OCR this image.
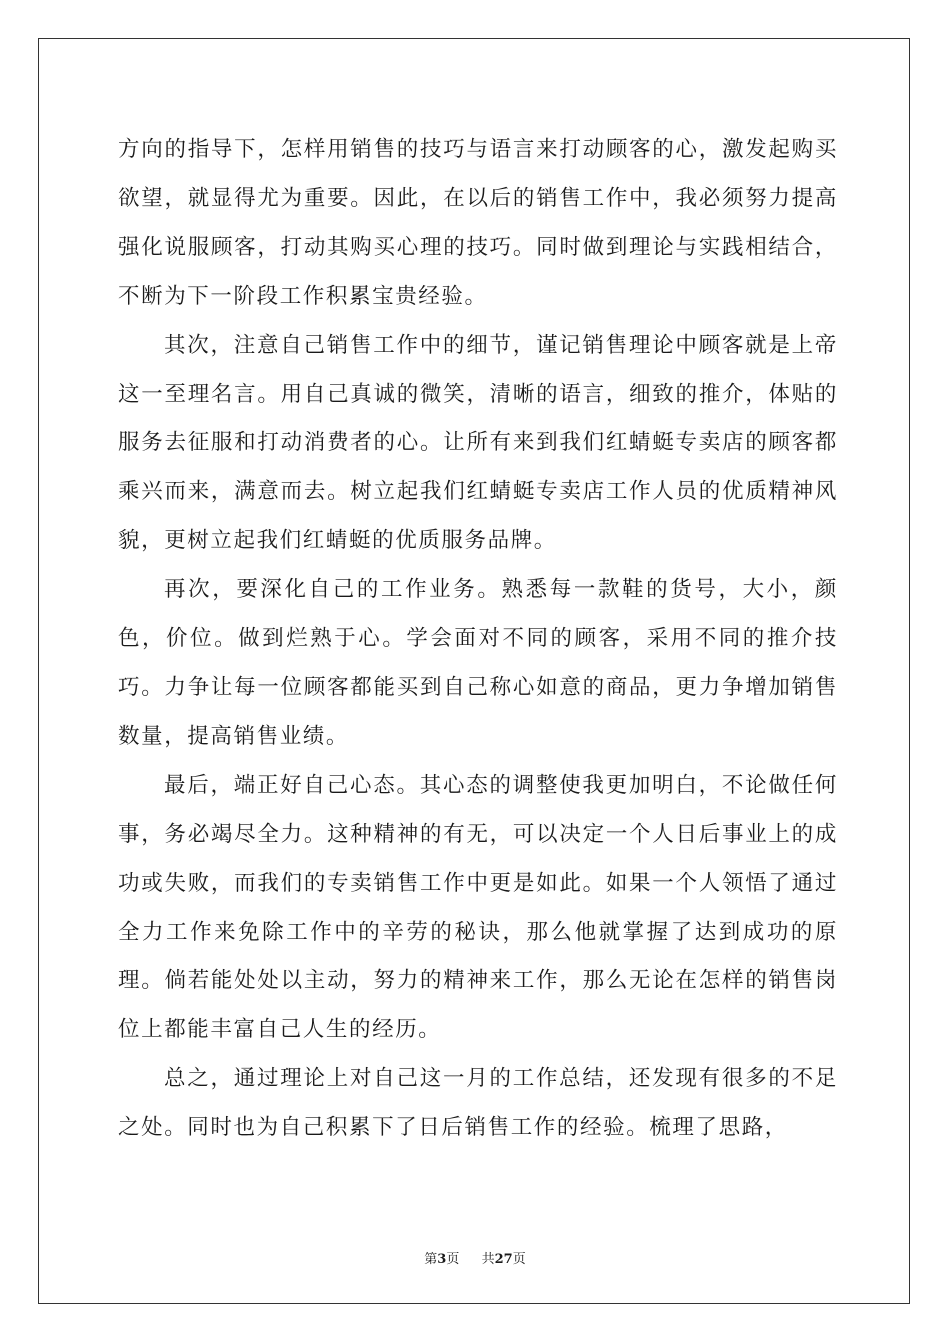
方向的指导下，怎样用销售的技巧与语言来打动顾客的心，激发起购买欲望，就显得尤为重要。因此，在以后的销售工作中，我必须努力提高强化说服顾客，打动其购买心理的技巧。同时做到理论与实践相结合，不断为下一阶段工作积累宝贵经验。

其次，注意自己销售工作中的细节，谨记销售理论中顾客就是上帝这一至理名言。用自己真诚的微笑，清晰的语言，细致的推介，体贴的服务去征服和打动消费者的心。让所有来到我们红蜻蜓专卖店的顾客都乘兴而来，满意而去。树立起我们红蜻蜓专卖店工作人员的优质精神风貌，更树立起我们红蜻蜓的优质服务品牌。

再次，要深化自己的工作业务。熟悉每一款鞋的货号，大小，颜色，价位。做到烂熟于心。学会面对不同的顾客，采用不同的推介技巧。力争让每一位顾客都能买到自己称心如意的商品，更力争增加销售数量，提高销售业绩。

最后，端正好自己心态。其心态的调整使我更加明白，不论做任何事，务必竭尽全力。这种精神的有无，可以决定一个人日后事业上的成功或失败，而我们的专卖销售工作中更是如此。如果一个人领悟了通过全力工作来免除工作中的辛劳的秘诀，那么他就掌握了达到成功的原理。倘若能处处以主动，努力的精神来工作，那么无论在怎样的销售岗位上都能丰富自己人生的经历。

总之，通过理论上对自己这一月的工作总结，还发现有很多的不足之处。同时也为自己积累下了日后销售工作的经验。梳理了思路，

第3页 共27页
